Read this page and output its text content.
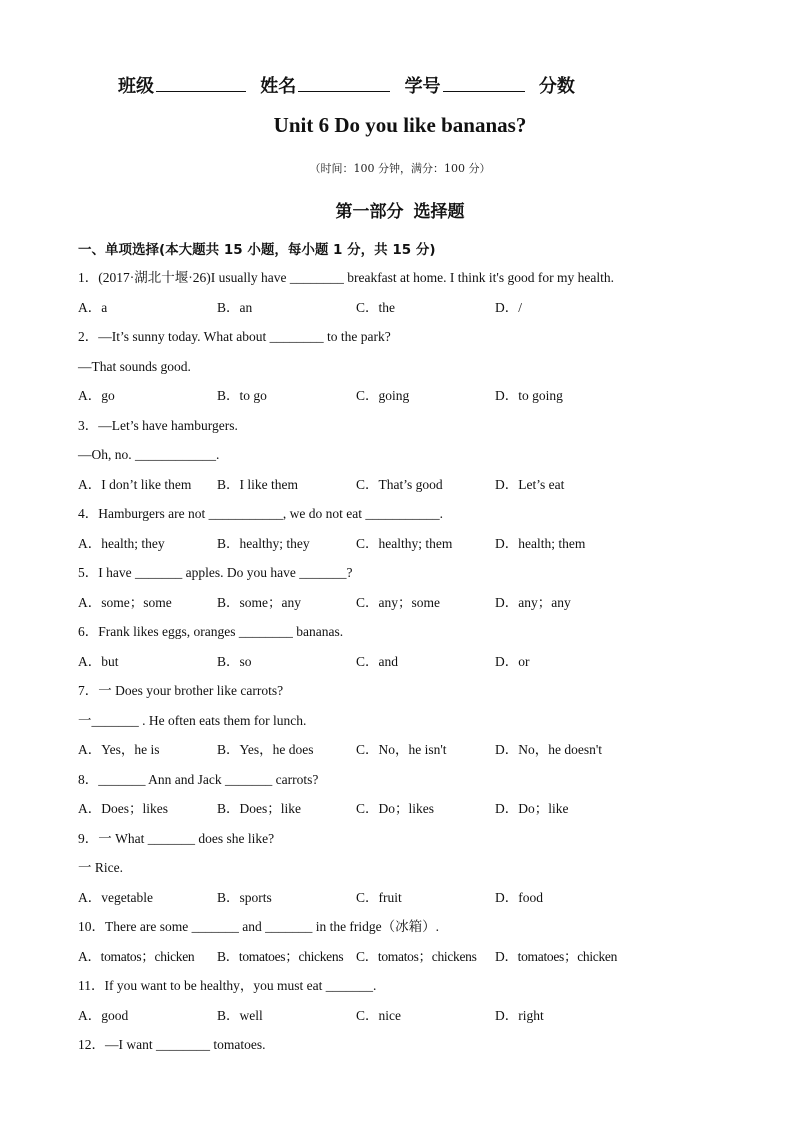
班级	姓名	学号	分数
Unit 6 Do you like bananas?
（时间：100 分钟，满分：100 分）
第一部分 选择题
一、单项选择(本大题共 15 小题，每小题 1 分，共 15 分)
1．(2017·湖北十堰·26)I usually have ________ breakfast at home. I think it's good for my health.
A．a	B．an	C．the	D．/
2．—It’s sunny today. What about ________ to the park?
—That sounds good.
A．go	B．to go	C．going	D．to going
3．—Let’s have hamburgers.
—Oh, no. ____________.
A．I don’t like them	B．I like them	C．That’s good	D．Let’s eat
4．Hamburgers are not ___________, we do not eat ___________.
A．health; they	B．healthy; they	C．healthy; them	D．health; them
5．I have _______ apples. Do you have _______?
A．some；some	B．some；any	C．any；some	D．any；any
6．Frank likes eggs, oranges ________ bananas.
A．but	B．so	C．and	D．or
7．一 Does your brother like carrots?
一_______ . He often eats them for lunch.
A．Yes，he is	B．Yes，he does	C．No，he isn't	D．No，he doesn't
8．_______ Ann and Jack _______ carrots?
A．Does；likes	B．Does；like	C．Do；likes	D．Do；like
9．一 What _______ does she like?
一 Rice.
A．vegetable	B．sports	C．fruit	D．food
10．There are some _______ and _______ in the fridge（冰箱）.
A．tomatos；chicken	B．tomatoes；chickens C．tomatos；chickens	D．tomatoes；chicken
11．If you want to be healthy，you must eat _______.
A．good	B．well	C．nice	D．right
12．—I want ________ tomatoes.
